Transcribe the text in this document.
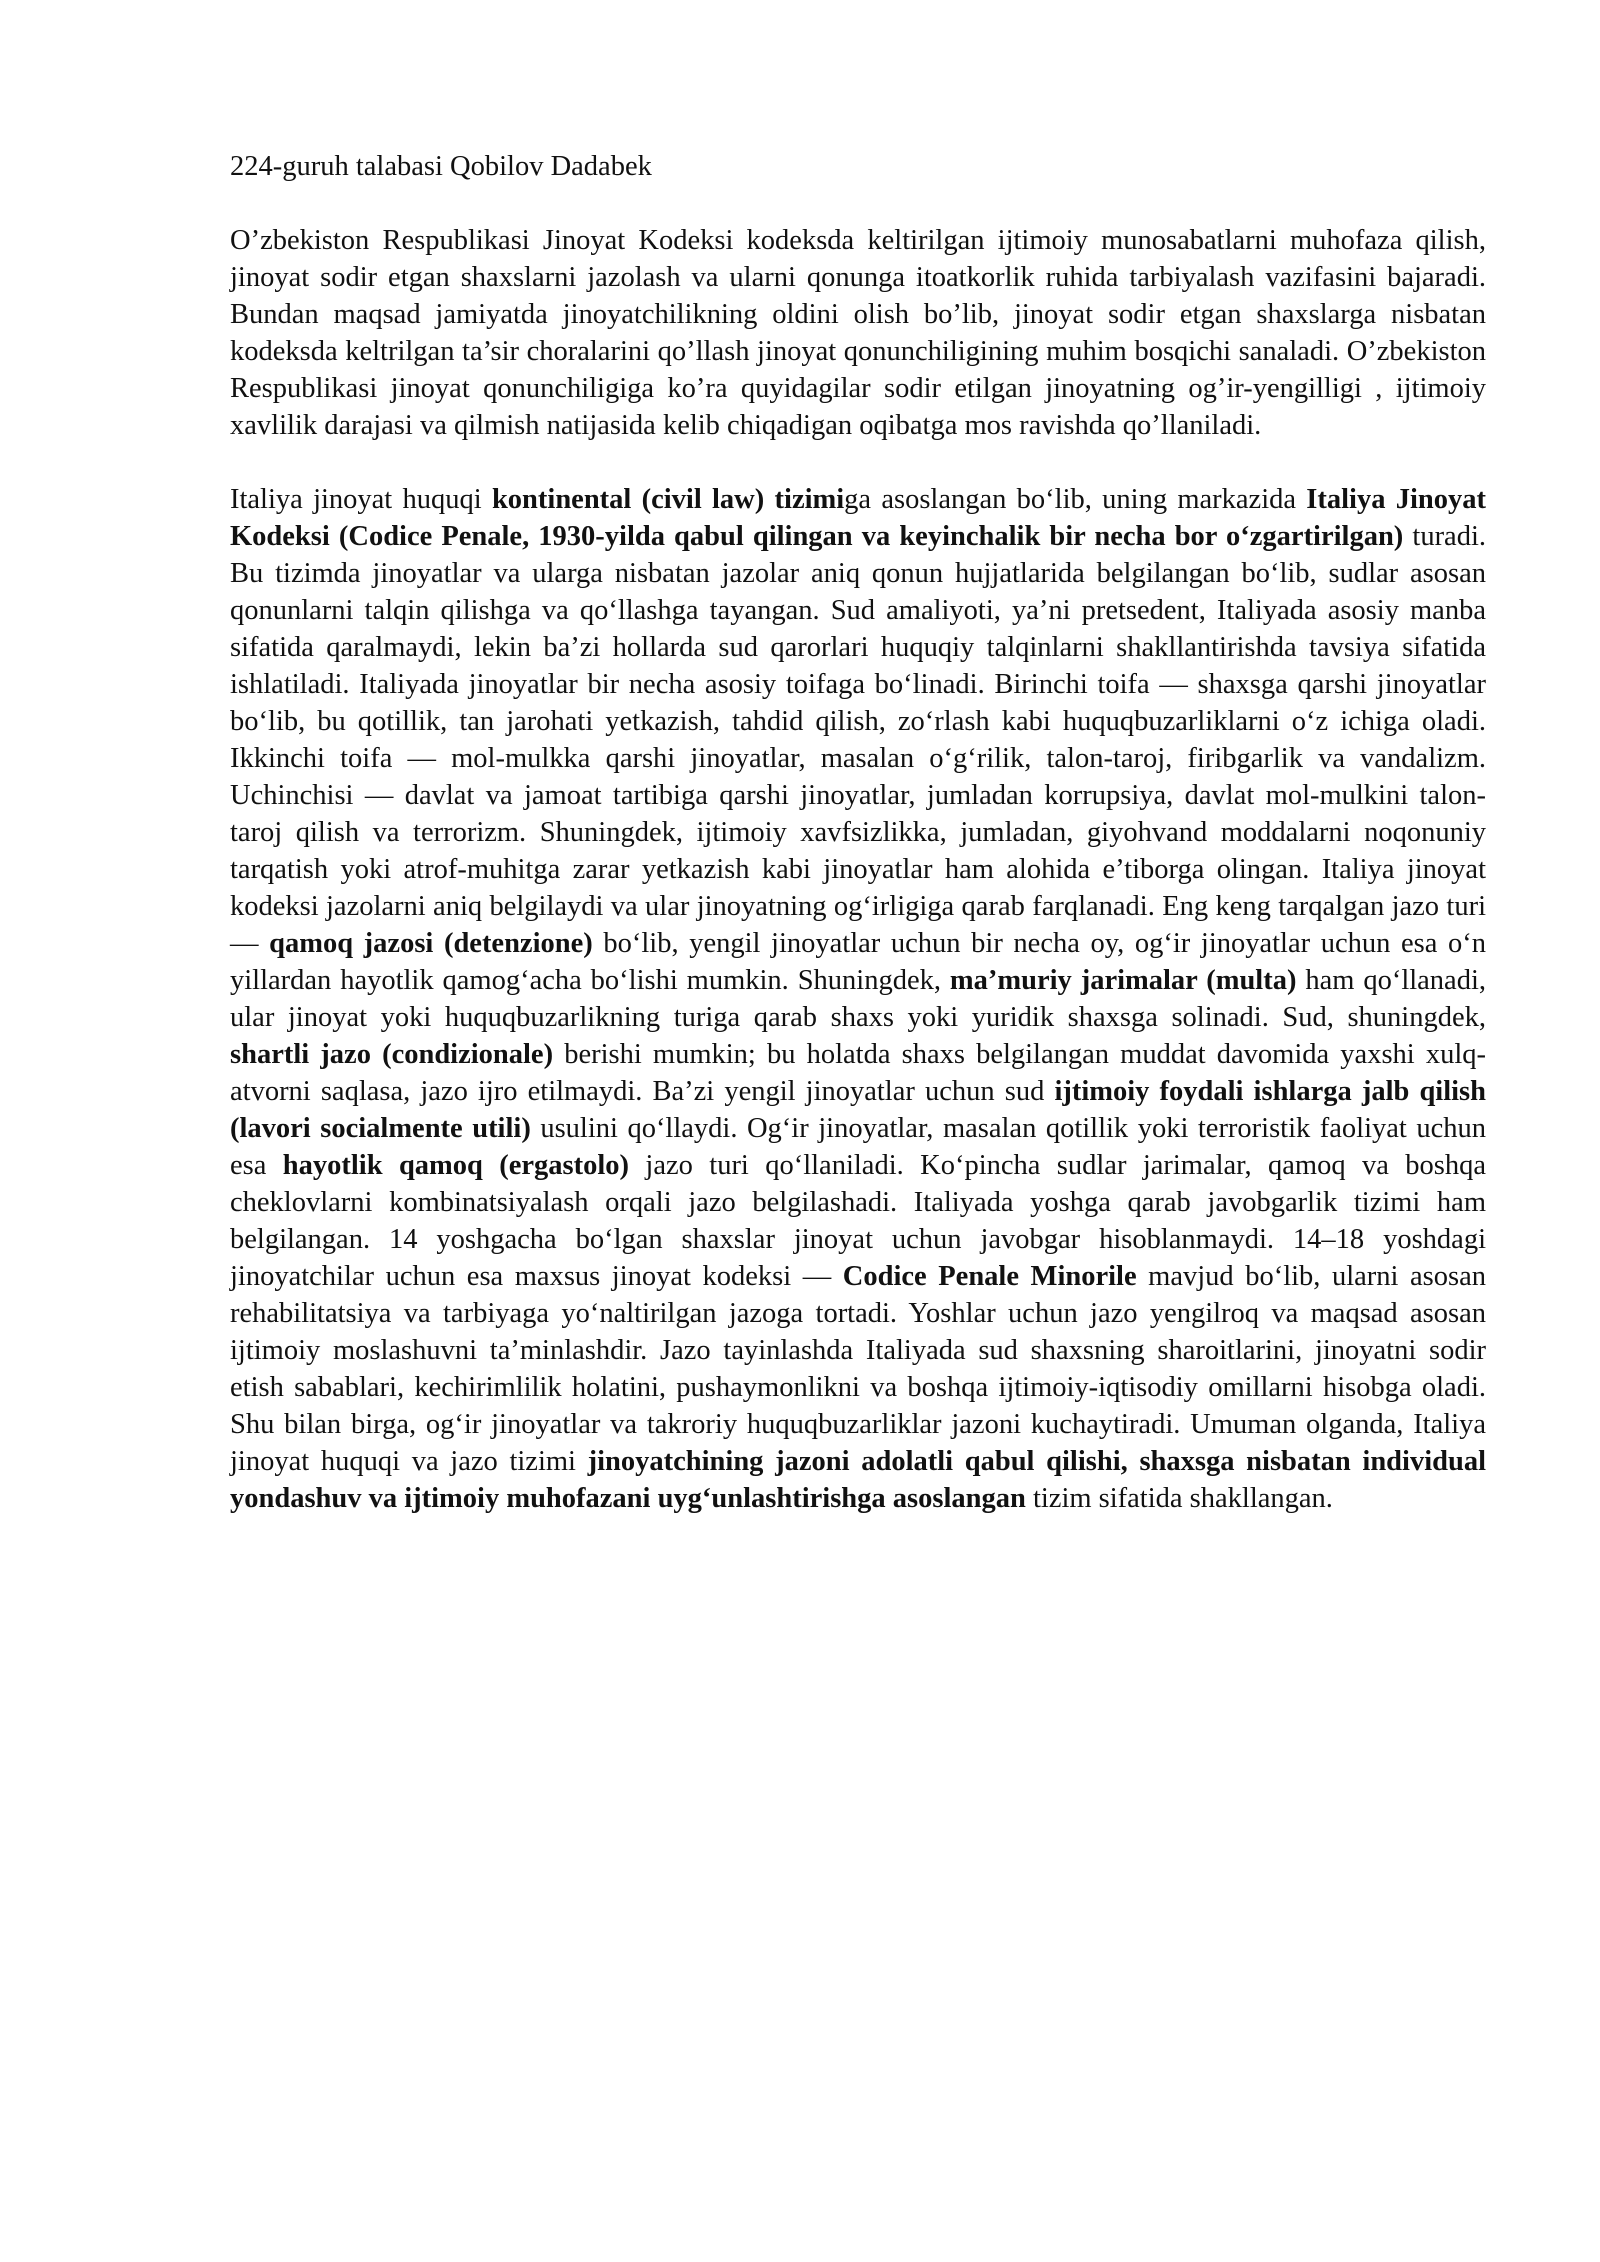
224-guruh talabasi Qobilov Dadabek

O’zbekiston Respublikasi Jinoyat Kodeksi kodeksda keltirilgan ijtimoiy munosabatlarni muhofaza qilish, jinoyat sodir etgan shaxslarni jazolash va ularni qonunga itoatkorlik ruhida tarbiyalash vazifasini bajaradi. Bundan maqsad jamiyatda jinoyatchilikning oldini olish bo’lib, jinoyat sodir etgan shaxslarga nisbatan kodeksda keltrilgan ta’sir choralarini qo’llash jinoyat qonunchiligining muhim bosqichi sanaladi. O’zbekiston Respublikasi jinoyat qonunchiligiga ko’ra quyidagilar sodir etilgan jinoyatning og’ir-yengilligi , ijtimoiy xavlilik darajasi va qilmish natijasida kelib chiqadigan oqibatga mos ravishda qo’llaniladi.

Italiya jinoyat huquqi kontinental (civil law) tizimiga asoslangan bo‘lib, uning markazida Italiya Jinoyat Kodeksi (Codice Penale, 1930-yilda qabul qilingan va keyinchalik bir necha bor o‘zgartirilgan) turadi. Bu tizimda jinoyatlar va ularga nisbatan jazolar aniq qonun hujjatlarida belgilangan bo‘lib, sudlar asosan qonunlarni talqin qilishga va qo‘llashga tayangan. Sud amaliyoti, ya’ni pretsedent, Italiyada asosiy manba sifatida qaralmaydi, lekin ba’zi hollarda sud qarorlari huquqiy talqinlarni shakllantirishda tavsiya sifatida ishlatiladi. Italiyada jinoyatlar bir necha asosiy toifaga bo‘linadi. Birinchi toifa — shaxsga qarshi jinoyatlar bo‘lib, bu qotillik, tan jarohati yetkazish, tahdid qilish, zo‘rlash kabi huquqbuzarliklarni o‘z ichiga oladi. Ikkinchi toifa — mol-mulkka qarshi jinoyatlar, masalan o‘g‘rilik, talon-taroj, firibgarlik va vandalizm. Uchinchisi — davlat va jamoat tartibiga qarshi jinoyatlar, jumladan korrupsiya, davlat mol-mulkini talon-taroj qilish va terrorizm. Shuningdek, ijtimoiy xavfsizlikka, jumladan, giyohvand moddalarni noqonuniy tarqatish yoki atrof-muhitga zarar yetkazish kabi jinoyatlar ham alohida e’tiborga olingan. Italiya jinoyat kodeksi jazolarni aniq belgilaydi va ular jinoyatning og‘irligiga qarab farqlanadi. Eng keng tarqalgan jazo turi — qamoq jazosi (detenzione) bo‘lib, yengil jinoyatlar uchun bir necha oy, og‘ir jinoyatlar uchun esa o‘n yillardan hayotlik qamog‘acha bo‘lishi mumkin. Shuningdek, ma’muriy jarimalar (multa) ham qo‘llanadi, ular jinoyat yoki huquqbuzarlikning turiga qarab shaxs yoki yuridik shaxsga solinadi. Sud, shuningdek, shartli jazo (condizionale) berishi mumkin; bu holatda shaxs belgilangan muddat davomida yaxshi xulq-atvorni saqlasa, jazo ijro etilmaydi. Ba’zi yengil jinoyatlar uchun sud ijtimoiy foydali ishlarga jalb qilish (lavori socialmente utili) usulini qo‘llaydi. Og‘ir jinoyatlar, masalan qotillik yoki terroristik faoliyat uchun esa hayotlik qamoq (ergastolo) jazo turi qo‘llaniladi. Ko‘pincha sudlar jarimalar, qamoq va boshqa cheklovlarni kombinatsiyalash orqali jazo belgilashadi. Italiyada yoshga qarab javobgarlik tizimi ham belgilangan. 14 yoshgacha bo‘lgan shaxslar jinoyat uchun javobgar hisoblanmaydi. 14–18 yoshdagi jinoyatchilar uchun esa maxsus jinoyat kodeksi — Codice Penale Minorile mavjud bo‘lib, ularni asosan rehabilitatsiya va tarbiyaga yo‘naltirilgan jazoga tortadi. Yoshlar uchun jazo yengilroq va maqsad asosan ijtimoiy moslashuvni ta’minlashdir. Jazo tayinlashda Italiyada sud shaxsning sharoitlarini, jinoyatni sodir etish sabablari, kechirimlilik holatini, pushaymonlikni va boshqa ijtimoiy-iqtisodiy omillarni hisobga oladi. Shu bilan birga, og‘ir jinoyatlar va takroriy huquqbuzarliklar jazoni kuchaytiradi. Umuman olganda, Italiya jinoyat huquqi va jazo tizimi jinoyatchining jazoni adolatli qabul qilishi, shaxsga nisbatan individual yondashuv va ijtimoiy muhofazani uyg‘unlashtirishga asoslangan tizim sifatida shakllangan.
